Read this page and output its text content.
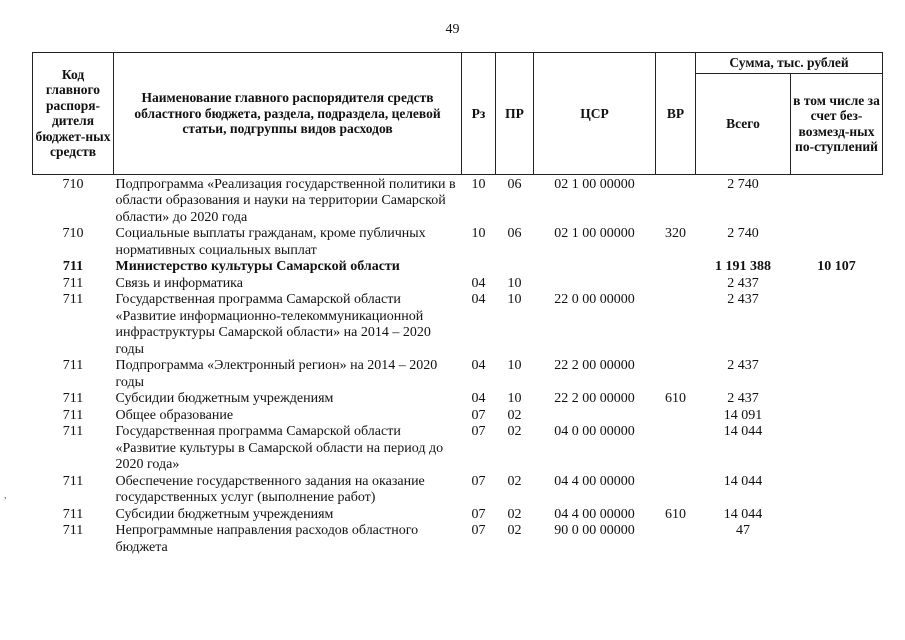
49
,
Код главного распоря-дителя бюджет-ных средств	Наименование главного распорядителя средств областного бюджета, раздела, подраздела, целевой статьи, подгруппы видов расходов	Рз	ПР	ЦСР	ВР	Сумма, тыс. рублей	
						Всего	в том числе за счет без-возмезд-ных по-ступлений
710	Подпрограмма «Реализация государственной политики в области образования и науки на территории Самарской области» до 2020 года	10	06	02 1 00 00000		2 740	
710	Социальные выплаты гражданам, кроме публичных нормативных социальных выплат	10	06	02 1 00 00000	320	2 740	
711	Министерство культуры Самарской области					1 191 388	10 107
711	Связь и информатика	04	10			2 437	
711	Государственная программа Самарской области «Развитие информационно-телекоммуникационной инфраструктуры Самарской области» на 2014 – 2020 годы	04	10	22 0 00 00000		2 437	
711	Подпрограмма «Электронный регион» на 2014 – 2020 годы	04	10	22 2 00 00000		2 437	
711	Субсидии бюджетным учреждениям	04	10	22 2 00 00000	610	2 437	
711	Общее образование	07	02			14 091	
711	Государственная программа Самарской области «Развитие культуры в Самарской области на период до 2020 года»	07	02	04 0 00 00000		14 044	
711	Обеспечение государственного задания на оказание государственных услуг (выполнение работ)	07	02	04 4 00 00000		14 044	
711	Субсидии бюджетным учреждениям	07	02	04 4 00 00000	610	14 044	
711	Непрограммные направления расходов областного бюджета	07	02	90 0 00 00000		47	
